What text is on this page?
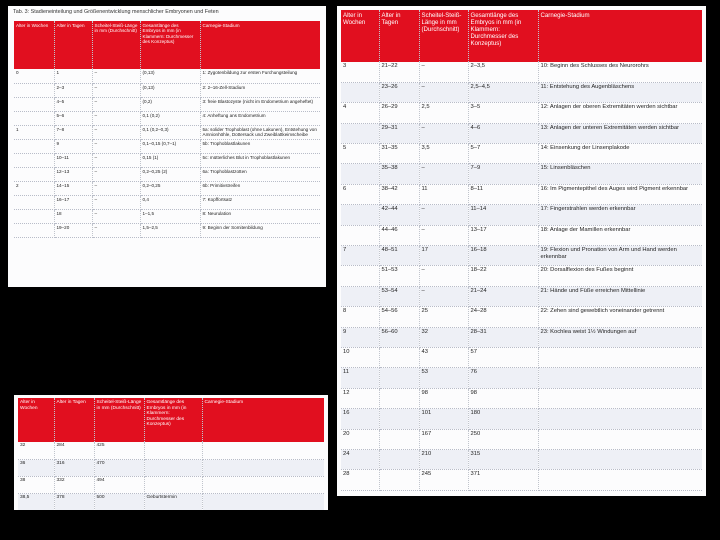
Tab. 3: Stadieneinteilung und Größenentwicklung menschlicher Embryonen und Feten
Alter in Wochen	Alter in Tagen	Scheitel-Steiß-Länge in mm (Durchschnitt)	Gesamtlänge des Embryos in mm (in Klammern: Durchmesser des Konzeptus)	Carnegie-Stadium
0	1	–	(0,13)	1: Zygotenbildung zur ersten Furchungsteilung
	2–3	–	(0,13)	2: 2–16-Zell-Stadium
	4–5	–	(0,2)	3: freie Blastozyste (nicht im Endometrium angeheftet)
	5–6	–	0,1 (0,2)	4: Anheftung ans Endometrium
1	7–8	–	0,1 (0,2–0,3)	5a: solider Trophoblast (ohne Lakunen), Entstehung von Amnionhöhle, Dottersack und Zweiblattkeimscheibe
	9	–	0,1–0,15 (0,7–1)	5b: Trophoblastlakunen
	10–11	–	0,15 (1)	5c: mütterliches Blut in Trophoblastlakunen
	12–13	–	0,2–0,25 (2)	6a: Trophoblastzotten
2	14–15	–	0,2–0,25	6b: Primitivstreifen
	16–17	–	0,4	7: Kopffortsatz
	18	–	1–1,5	8: Neurulation
	19–20	–	1,5–2,5	9: Beginn der Somitenbildung
Alter in Wochen	Alter in Tagen	Scheitel-Steiß-Länge in mm (Durchschnitt)	Gesamtlänge des Embryos in mm (in Klammern: Durchmesser des Konzeptus)	Carnegie-Stadium
3	21–22	–	2–3,5	10: Beginn des Schlusses des Neurorohrs
	23–26	–	2,5–4,5	11: Entstehung des Augenbläschens
4	26–29	2,5	3–5	12: Anlagen der oberen Extremitäten werden sichtbar
	29–31	–	4–6	13: Anlagen der unteren Extremitäten werden sichtbar
5	31–35	3,5	5–7	14: Einsenkung der Linsenplakode
	35–38	–	7–9	15: Linsenbläschen
6	38–42	11	8–11	16: Im Pigmentepithel des Auges wird Pigment erkennbar
	42–44	–	11–14	17: Fingerstrahlen werden erkennbar
	44–46	–	13–17	18: Anlage der Mamillen erkennbar
7	48–51	17	16–18	19: Flexion und Pronation von Arm und Hand werden erkennbar
	51–53	–	18–22	20: Dorsalflexion des Fußes beginnt
	53–54	–	21–24	21: Hände und Füße erreichen Mittellinie
8	54–56	25	24–28	22: Zehen sind gewebtlich voneinander getrennt
9	56–60	32	28–31	23: Kochlea weist 1½ Windungen auf
10		43	57	
11		53	76	
12		98	98	
16		101	180	
20		167	250	
24		210	315	
28		245	371	
Alter in Wochen	Alter in Tagen	Scheitel-Steiß-Länge in mm (Durchschnitt)	Gesamtlänge des Embryos in mm (in Klammern: Durchmesser des Konzeptus)	Carnegie-Stadium
32	284	425		
36	316	470		
38	332	494		
38,5	378	500	Geburtstermin	
